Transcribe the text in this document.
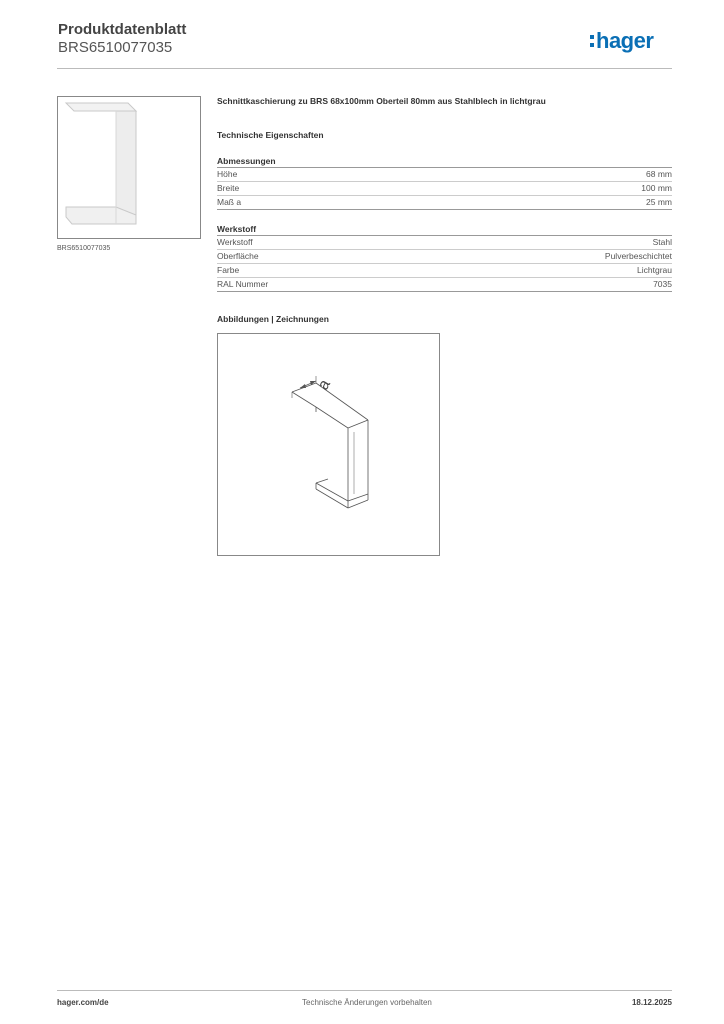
Produktdatenblatt
BRS6510077035	hager
BRS6510077035
Schnittkaschierung zu BRS 68x100mm Oberteil 80mm aus Stahlblech in lichtgrau
Technische Eigenschaften
Abmessungen
Höhe	68 mm
Breite	100 mm
Maß a	25 mm
Werkstoff
Werkstoff	Stahl
Oberfläche	Pulverbeschichtet
Farbe	Lichtgrau
RAL Nummer	7035
Abbildungen | Zeichnungen
a
hager.com/de	Technische Änderungen vorbehalten	18.12.2025
